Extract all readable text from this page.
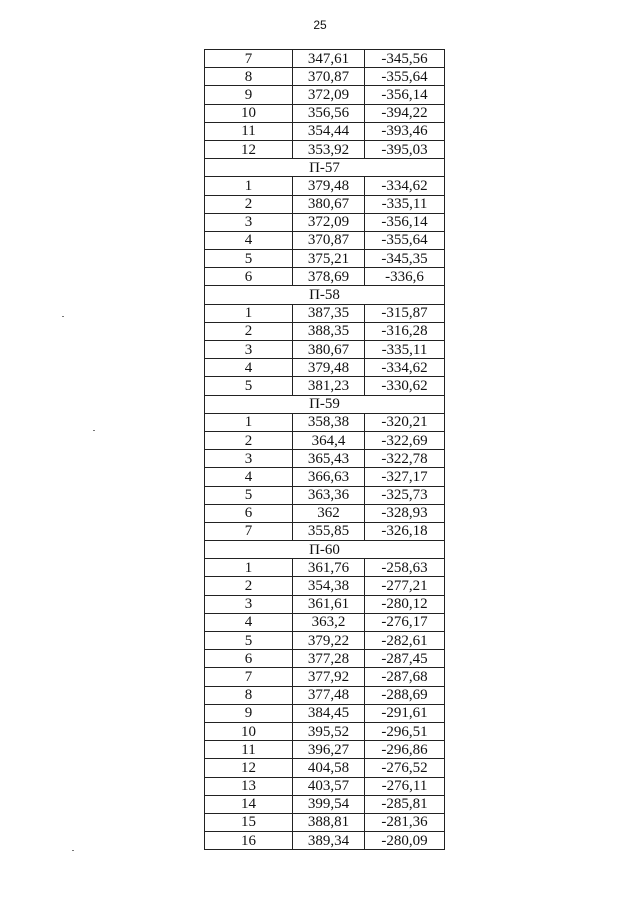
25
7	347,61	-345,56
8	370,87	-355,64
9	372,09	-356,14
10	356,56	-394,22
11	354,44	-393,46
12	353,92	-395,03
П-57		
1	379,48	-334,62
2	380,67	-335,11
3	372,09	-356,14
4	370,87	-355,64
5	375,21	-345,35
6	378,69	-336,6
П-58		
1	387,35	-315,87
2	388,35	-316,28
3	380,67	-335,11
4	379,48	-334,62
5	381,23	-330,62
П-59		
1	358,38	-320,21
2	364,4	-322,69
3	365,43	-322,78
4	366,63	-327,17
5	363,36	-325,73
6	362	-328,93
7	355,85	-326,18
П-60		
1	361,76	-258,63
2	354,38	-277,21
3	361,61	-280,12
4	363,2	-276,17
5	379,22	-282,61
6	377,28	-287,45
7	377,92	-287,68
8	377,48	-288,69
9	384,45	-291,61
10	395,52	-296,51
11	396,27	-296,86
12	404,58	-276,52
13	403,57	-276,11
14	399,54	-285,81
15	388,81	-281,36
16	389,34	-280,09
